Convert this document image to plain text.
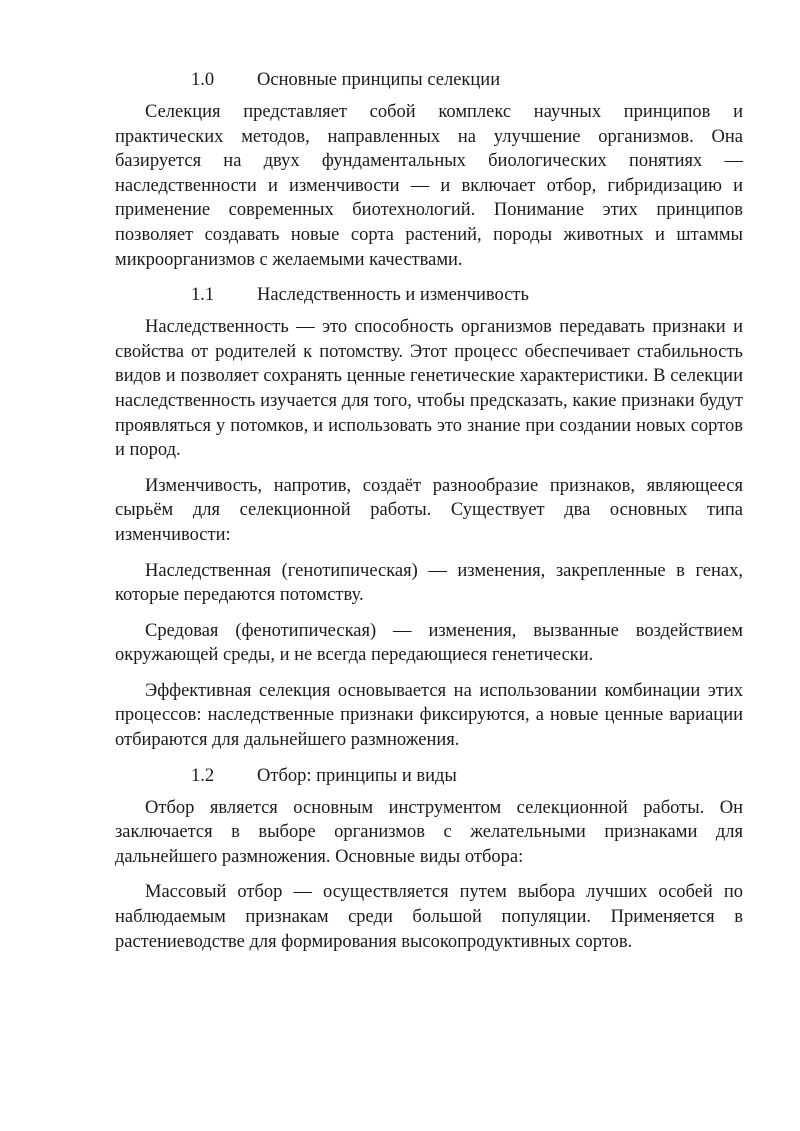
1.0	Основные принципы селекции

Селекция представляет собой комплекс научных принципов и практических методов, направленных на улучшение организмов. Она базируется на двух фундаментальных биологических понятиях — наследственности и изменчивости — и включает отбор, гибридизацию и применение современных биотехнологий. Понимание этих принципов позволяет создавать новые сорта растений, породы животных и штаммы микроорганизмов с желаемыми качествами.

1.1	Наследственность и изменчивость

Наследственность — это способность организмов передавать признаки и свойства от родителей к потомству. Этот процесс обеспечивает стабильность видов и позволяет сохранять ценные генетические характеристики. В селекции наследственность изучается для того, чтобы предсказать, какие признаки будут проявляться у потомков, и использовать это знание при создании новых сортов и пород.

Изменчивость, напротив, создаёт разнообразие признаков, являющееся сырьём для селекционной работы. Существует два основных типа изменчивости:

Наследственная (генотипическая) — изменения, закрепленные в генах, которые передаются потомству.

Средовая (фенотипическая) — изменения, вызванные воздействием окружающей среды, и не всегда передающиеся генетически.

Эффективная селекция основывается на использовании комбинации этих процессов: наследственные признаки фиксируются, а новые ценные вариации отбираются для дальнейшего размножения.

1.2	Отбор: принципы и виды

Отбор является основным инструментом селекционной работы. Он заключается в выборе организмов с желательными признаками для дальнейшего размножения. Основные виды отбора:

Массовый отбор — осуществляется путем выбора лучших особей по наблюдаемым признакам среди большой популяции. Применяется в растениеводстве для формирования высокопродуктивных сортов.
